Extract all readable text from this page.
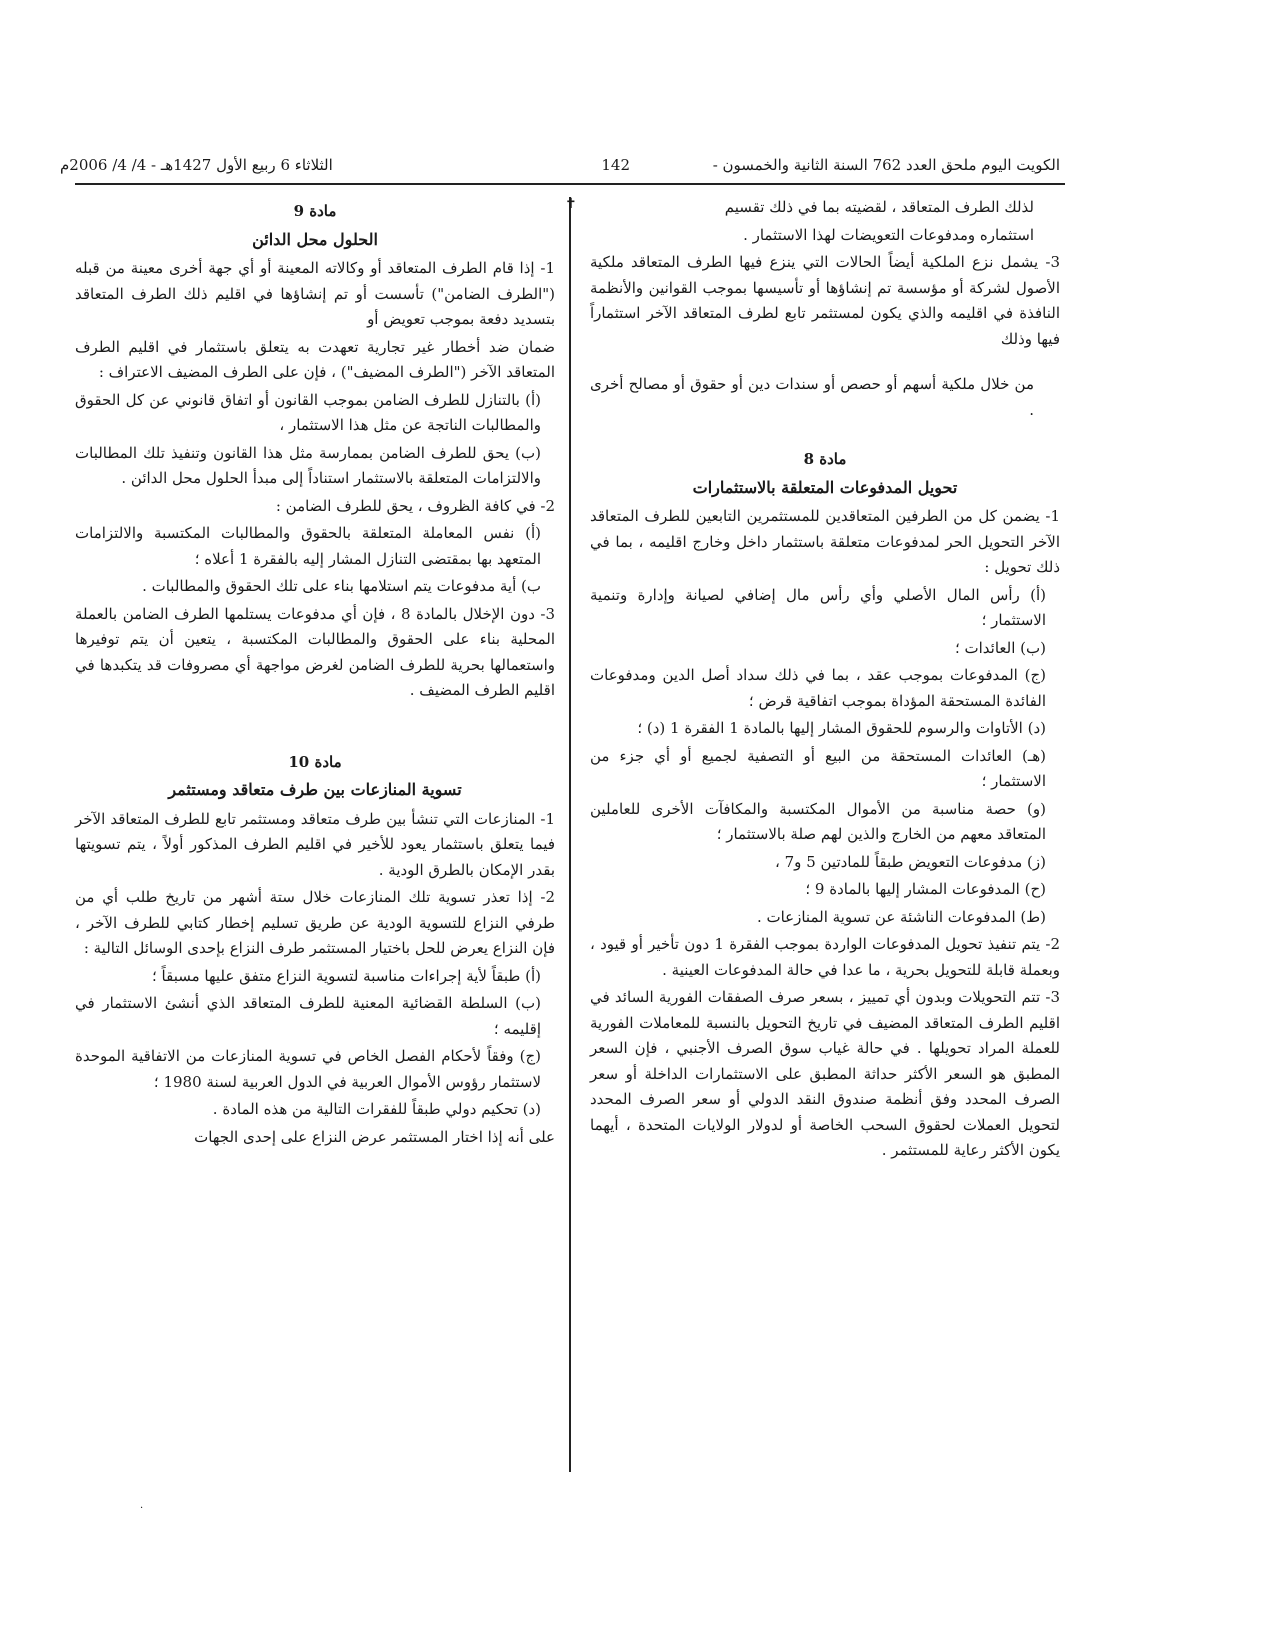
الكويت اليوم ملحق العدد 762 السنة الثانية والخمسون -
142
الثلاثاء 6 ربيع الأول 1427هـ - 4/ 4/ 2006م
✝	لذلك الطرف المتعاقد ، لقضيته بما في ذلك تقسيم

استثماره ومدفوعات التعويضات لهذا الاستثمار .

3- يشمل نزع الملكية أيضاً الحالات التي ينزع فيها الطرف المتعاقد ملكية الأصول لشركة أو مؤسسة تم إنشاؤها أو تأسيسها بموجب القوانين والأنظمة النافذة في اقليمه والذي يكون لمستثمر تابع لطرف المتعاقد الآخر استثماراً فيها وذلك

من خلال ملكية أسهم أو حصص أو سندات دين أو حقوق أو مصالح أخرى .

مادة 8
تحويل المدفوعات المتعلقة بالاستثمارات

1- يضمن كل من الطرفين المتعاقدين للمستثمرين التابعين للطرف المتعاقد الآخر التحويل الحر لمدفوعات متعلقة باستثمار داخل وخارج اقليمه ، بما في ذلك تحويل :

(أ) رأس المال الأصلي وأي رأس مال إضافي لصيانة وإدارة وتنمية الاستثمار ؛

(ب) العائدات ؛

(ج) المدفوعات بموجب عقد ، بما في ذلك سداد أصل الدين ومدفوعات الفائدة المستحقة المؤداة بموجب اتفاقية قرض ؛

(د) الأتاوات والرسوم للحقوق المشار إليها بالمادة 1 الفقرة 1 (د) ؛

(هـ) العائدات المستحقة من البيع أو التصفية لجميع أو أي جزء من الاستثمار ؛

(و) حصة مناسبة من الأموال المكتسبة والمكافآت الأخرى للعاملين المتعاقد معهم من الخارج والذين لهم صلة بالاستثمار ؛

(ز) مدفوعات التعويض طبقاً للمادتين 5 و7 ،

(ح) المدفوعات المشار إليها بالمادة 9 ؛

(ط) المدفوعات الناشئة عن تسوية المنازعات .

2- يتم تنفيذ تحويل المدفوعات الواردة بموجب الفقرة 1 دون تأخير أو قيود ، وبعملة قابلة للتحويل بحرية ، ما عدا في حالة المدفوعات العينية .

3- تتم التحويلات وبدون أي تمييز ، بسعر صرف الصفقات الفورية السائد في اقليم الطرف المتعاقد المضيف في تاريخ التحويل بالنسبة للمعاملات الفورية للعملة المراد تحويلها . في حالة غياب سوق الصرف الأجنبي ، فإن السعر المطبق هو السعر الأكثر حداثة المطبق على الاستثمارات الداخلة أو سعر الصرف المحدد وفق أنظمة صندوق النقد الدولي أو سعر الصرف المحدد لتحويل العملات لحقوق السحب الخاصة أو لدولار الولايات المتحدة ، أيهما يكون الأكثر رعاية للمستثمر .

مادة 9
الحلول محل الدائن

1- إذا قام الطرف المتعاقد أو وكالاته المعينة أو أي جهة أخرى معينة من قبله ("الطرف الضامن") تأسست أو تم إنشاؤها في اقليم ذلك الطرف المتعاقد بتسديد دفعة بموجب تعويض أو

ضمان ضد أخطار غير تجارية تعهدت به يتعلق باستثمار في اقليم الطرف المتعاقد الآخر ("الطرف المضيف") ، فإن على الطرف المضيف الاعتراف :

(أ) بالتنازل للطرف الضامن بموجب القانون أو اتفاق قانوني عن كل الحقوق والمطالبات الناتجة عن مثل هذا الاستثمار ،

(ب) يحق للطرف الضامن بممارسة مثل هذا القانون وتنفيذ تلك المطالبات والالتزامات المتعلقة بالاستثمار استناداً إلى مبدأ الحلول محل الدائن .

2- في كافة الظروف ، يحق للطرف الضامن :

(أ) نفس المعاملة المتعلقة بالحقوق والمطالبات المكتسبة والالتزامات المتعهد بها بمقتضى التنازل المشار إليه بالفقرة 1 أعلاه ؛

ب) أية مدفوعات يتم استلامها بناء على تلك الحقوق والمطالبات .

3- دون الإخلال بالمادة 8 ، فإن أي مدفوعات يستلمها الطرف الضامن بالعملة المحلية بناء على الحقوق والمطالبات المكتسبة ، يتعين أن يتم توفيرها واستعمالها بحرية للطرف الضامن لغرض مواجهة أي مصروفات قد يتكبدها في اقليم الطرف المضيف .

مادة 10
تسوية المنازعات بين طرف متعاقد ومستثمر

1- المنازعات التي تنشأ بين طرف متعاقد ومستثمر تابع للطرف المتعاقد الآخر فيما يتعلق باستثمار يعود للأخير في اقليم الطرف المذكور أولاً ، يتم تسويتها بقدر الإمكان بالطرق الودية .

2- إذا تعذر تسوية تلك المنازعات خلال ستة أشهر من تاريخ طلب أي من طرفي النزاع للتسوية الودية عن طريق تسليم إخطار كتابي للطرف الآخر ، فإن النزاع يعرض للحل باختيار المستثمر طرف النزاع بإحدى الوسائل التالية :

(أ) طبقاً لأية إجراءات مناسبة لتسوية النزاع متفق عليها مسبقاً ؛

(ب) السلطة القضائية المعنية للطرف المتعاقد الذي أنشئ الاستثمار في إقليمه ؛

(ج) وفقاً لأحكام الفصل الخاص في تسوية المنازعات من الاتفاقية الموحدة لاستثمار رؤوس الأموال العربية في الدول العربية لسنة 1980 ؛

(د) تحكيم دولي طبقاً للفقرات التالية من هذه المادة .

على أنه إذا اختار المستثمر عرض النزاع على إحدى الجهات

·
